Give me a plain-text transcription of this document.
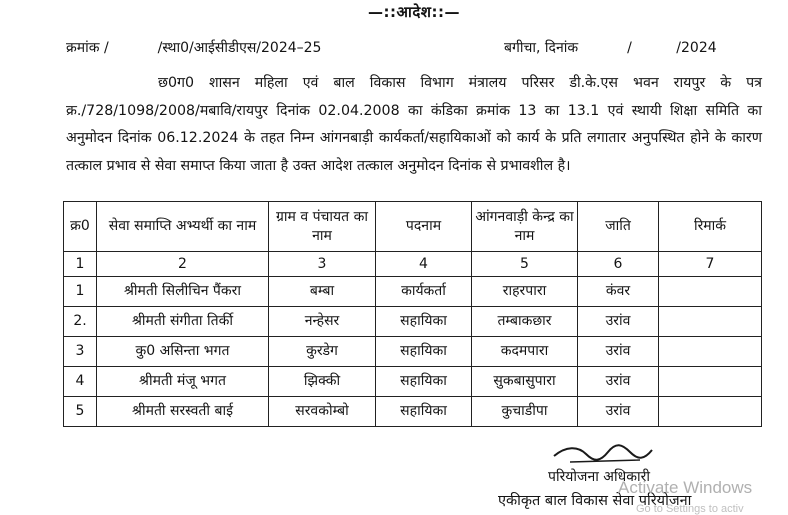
—::आदेश::—
क्रमांक /           /स्था0/आईसीडीएस/2024–25	बगीचा, दिनांक           /          /2024
छ0ग0 शासन महिला एवं बाल विकास विभाग मंत्रालय परिसर डी.के.एस भवन रायपुर के पत्र क्र./728/1098/2008/मबावि/रायपुर दिनांक 02.04.2008 का कंडिका क्रमांक 13 का 13.1 एवं स्थायी शिक्षा समिति का अनुमोदन दिनांक 06.12.2024 के तहत निम्न आंगनबाड़ी कार्यकर्ता/सहायिकाओं को कार्य के प्रति लगातार अनुपस्थित होने के कारण तत्काल प्रभाव से सेवा समाप्त किया जाता है उक्त आदेश तत्काल अनुमोदन दिनांक से प्रभावशील है।
क्र0	सेवा समाप्ति अभ्यर्थी का नाम	ग्राम व पंचायत का नाम	पदनाम	आंगनवाड़ी केन्द्र का नाम	जाति	रिमार्क
1	2	3	4	5	6	7
1	श्रीमती सिलीचिन पैंकरा	बम्बा	कार्यकर्ता	राहरपारा	कंवर	
2.	श्रीमती संगीता तिर्की	नन्हेसर	सहायिका	तम्बाकछार	उरांव	
3	कु0 असिन्ता भगत	कुरडेग	सहायिका	कदमपारा	उरांव	
4	श्रीमती मंजू भगत	झिक्की	सहायिका	सुकबासुपारा	उरांव	
5	श्रीमती सरस्वती बाई	सरवकोम्बो	सहायिका	कुचाडीपा	उरांव	
परियोजना अधिकारी
एकीकृत बाल विकास सेवा परियोजना
Activate Windows
Go to Settings to activ
